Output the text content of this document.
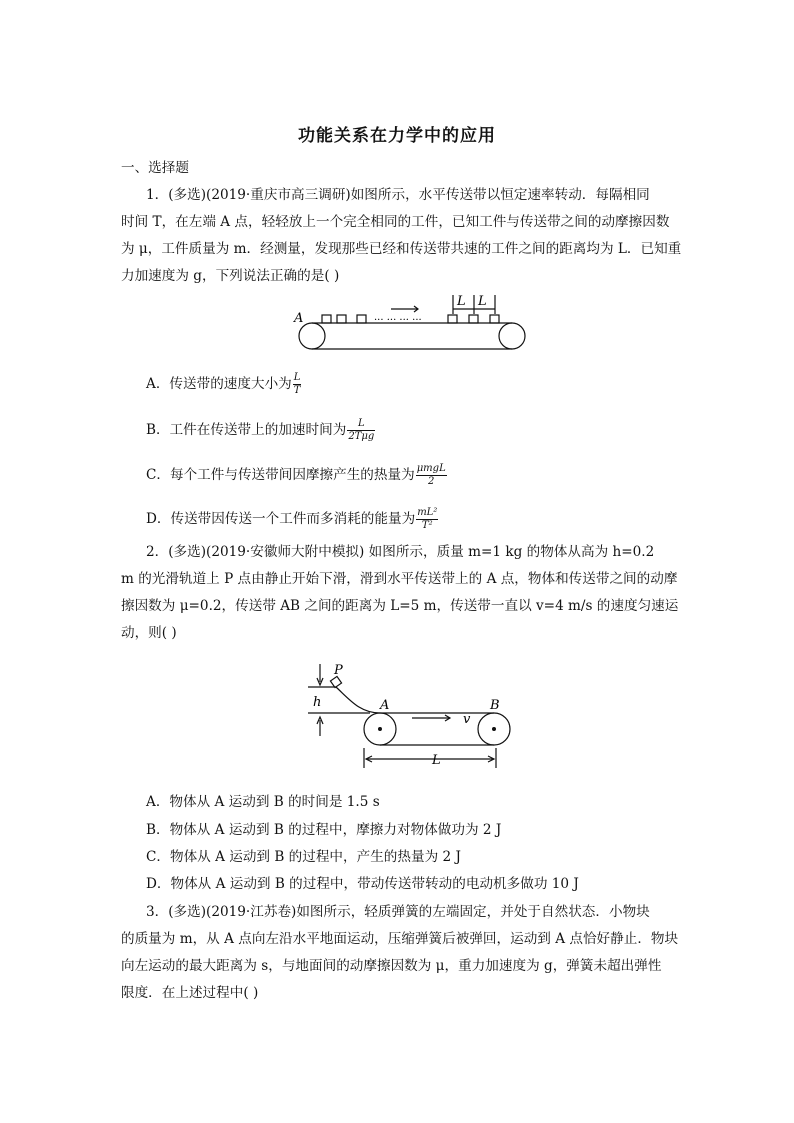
功能关系在力学中的应用
一、选择题
1．(多选)(2019·重庆市高三调研)如图所示，水平传送带以恒定速率转动．每隔相同
时间 T，在左端 A 点，轻轻放上一个完全相同的工件，已知工件与传送带之间的动摩擦因数
为 μ，工件质量为 m．经测量，发现那些已经和传送带共速的工件之间的距离均为 L．已知重
力加速度为 g，下列说法正确的是( )
A	··· ··· ··· ···
L L
A．传送带的速度大小为 $\frac{L}{T}$
B．工件在传送带上的加速时间为 $\frac{L}{\text{2Tμg}}$
C．每个工件与传送带间因摩擦产生的热量为 $\frac{\text{μmgL}}{2}$
D．传送带因传送一个工件而多消耗的能量为 $\frac{\text{mL²}}{\text{T²}}$
2．(多选)(2019·安徽师大附中模拟) 如图所示，质量 m=1 kg 的物体从高为 h=0.2
m 的光滑轨道上 P 点由静止开始下滑，滑到水平传送带上的 A 点，物体和传送带之间的动摩
擦因数为 μ=0.2，传送带 AB 之间的距离为 L=5 m，传送带一直以 v=4 m/s 的速度匀速运
动，则( )
P
h	A	B
v
L
A．物体从 A 运动到 B 的时间是 1.5 s
B．物体从 A 运动到 B 的过程中，摩擦力对物体做功为 2 J
C．物体从 A 运动到 B 的过程中，产生的热量为 2 J
D．物体从 A 运动到 B 的过程中，带动传送带转动的电动机多做功 10 J
3．(多选)(2019·江苏卷)如图所示，轻质弹簧的左端固定，并处于自然状态．小物块
的质量为 m，从 A 点向左沿水平地面运动，压缩弹簧后被弹回，运动到 A 点恰好静止．物块
向左运动的最大距离为 s，与地面间的动摩擦因数为 μ，重力加速度为 g，弹簧未超出弹性
限度．在上述过程中( )
